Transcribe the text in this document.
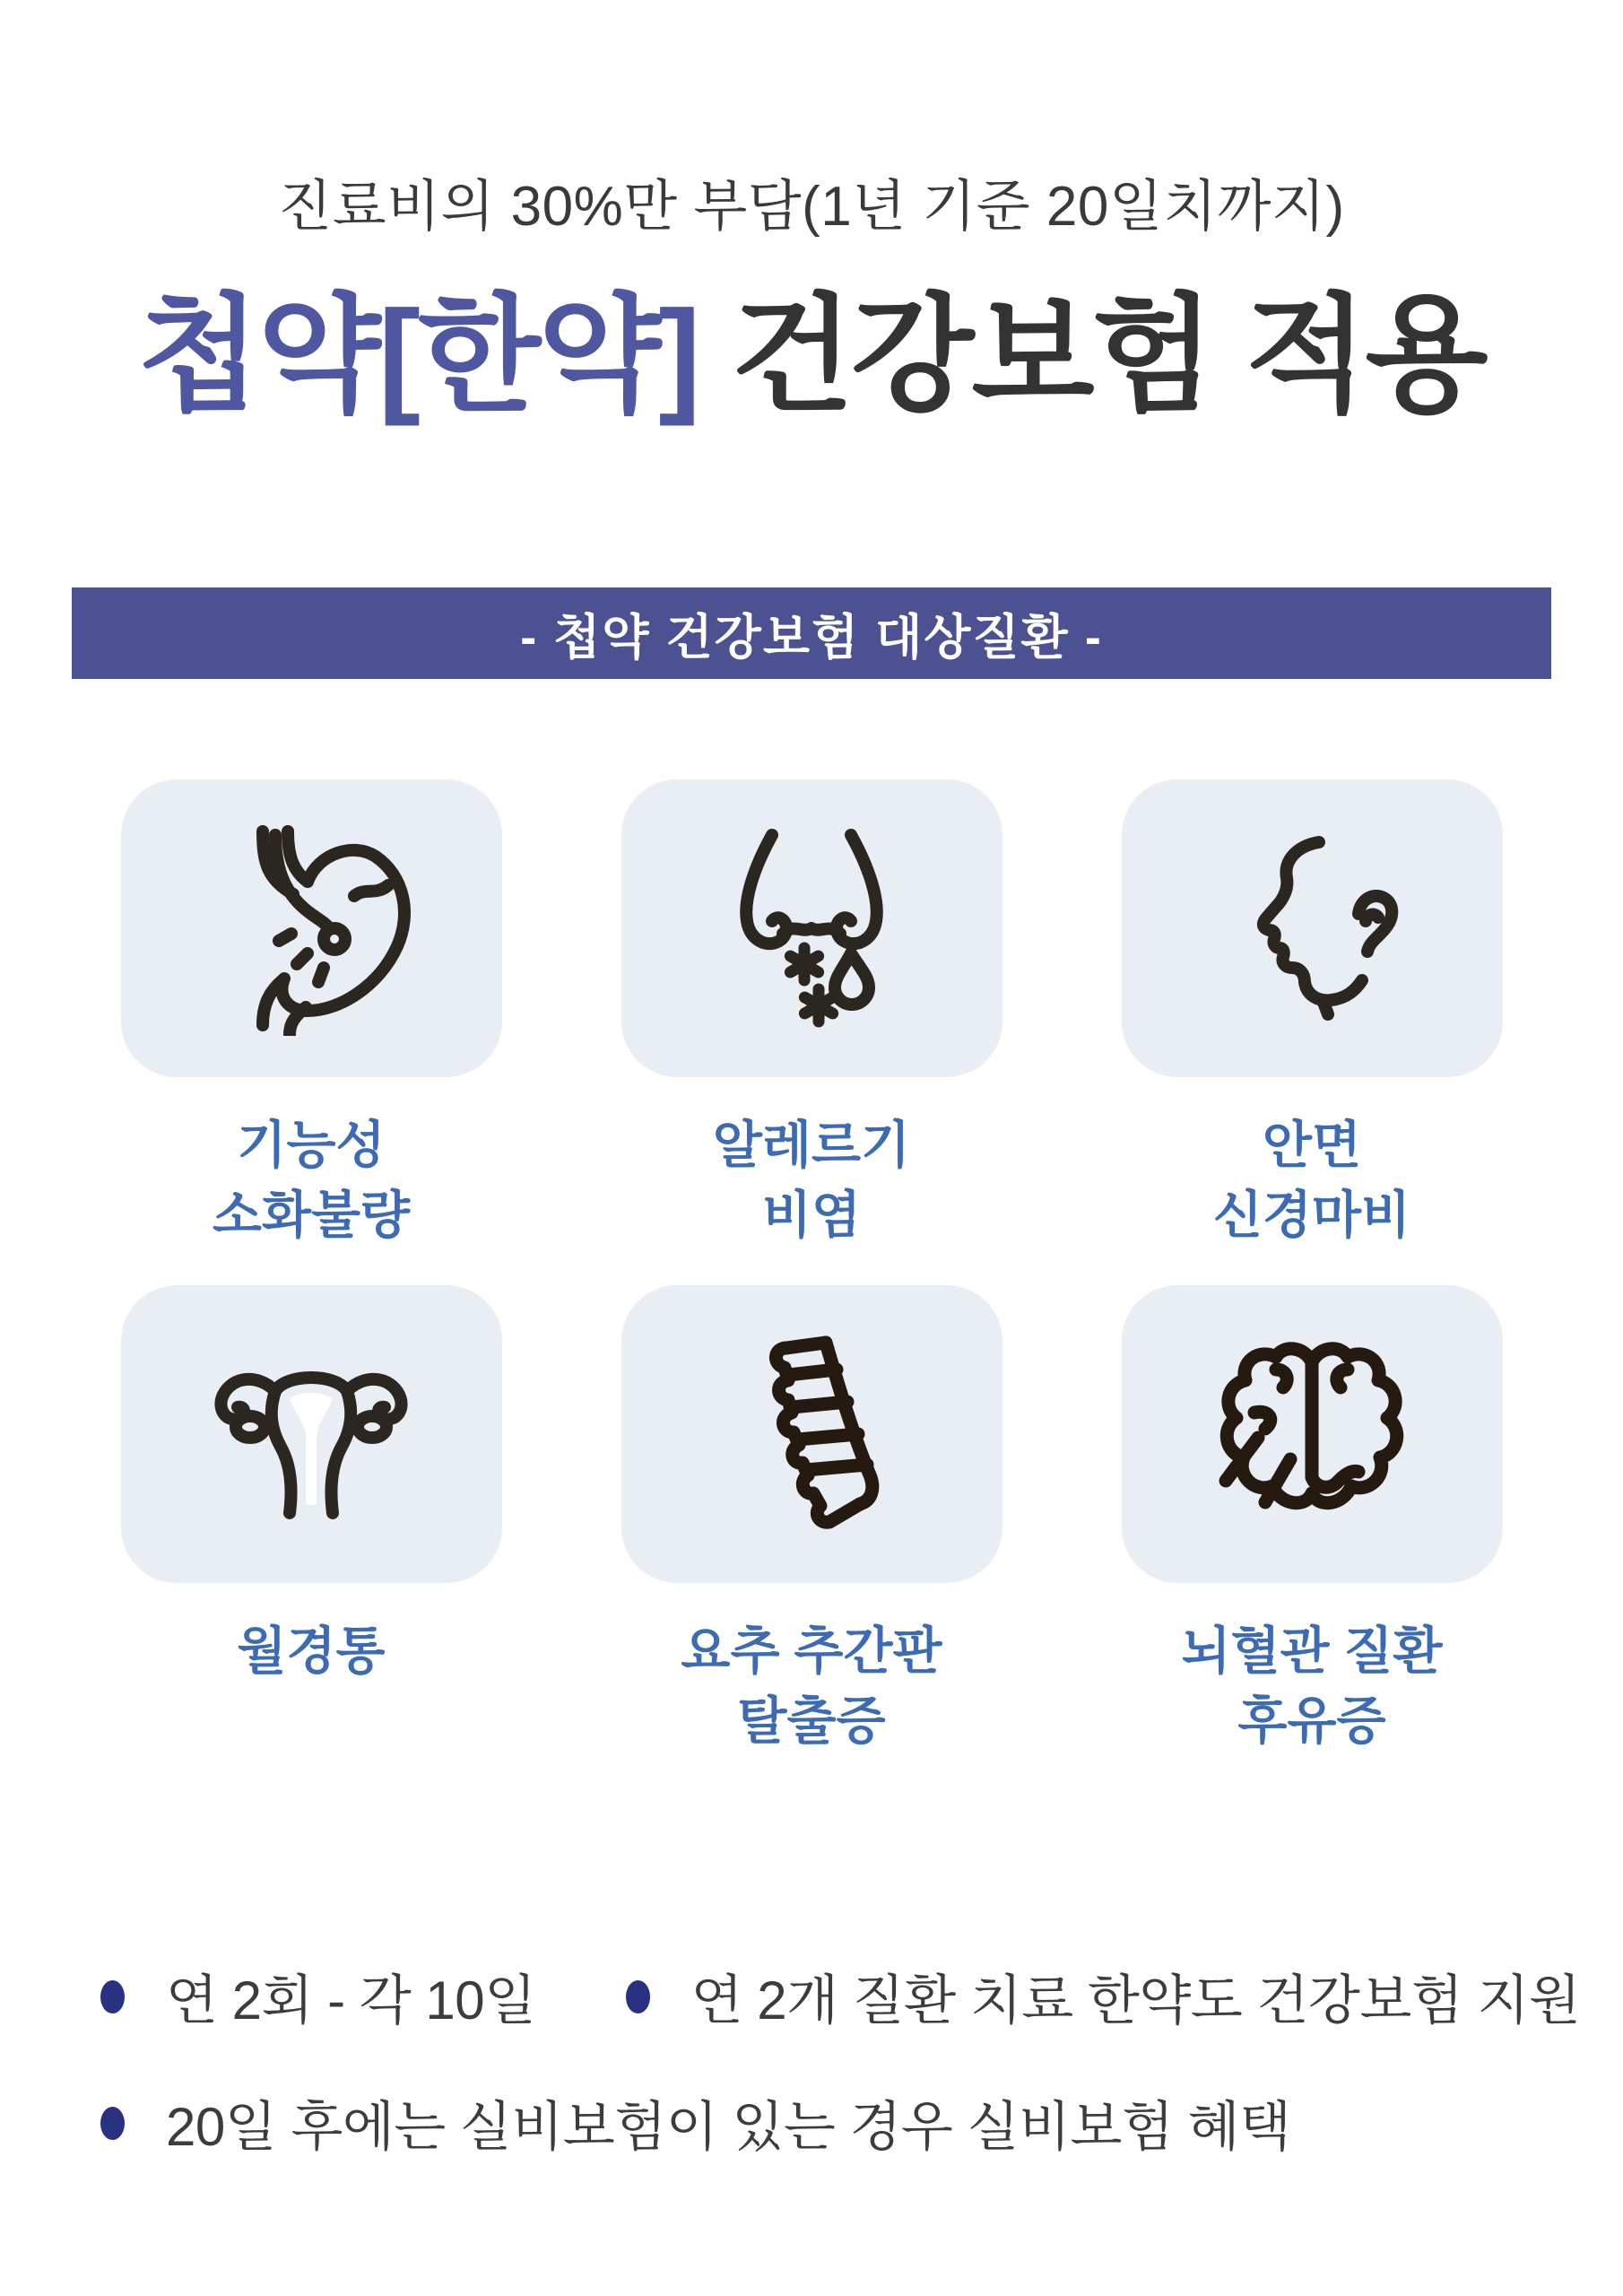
진료비의 30%만 부담(1년 기준 20일치까지)
첩약[한약] 건강보험 적용
- 첩약 건강보험 대상질환 -
기능성
소화불량
알레르기
비염
안면
신경마비
월경통	요추 추간판
탈출증
뇌혈관 질환
후유증
연 2회 - 각 10일	연 2개 질환 치료 한약도 건강보험 지원
20일 후에는 실비보험이 있는 경우 실비보험 혜택
